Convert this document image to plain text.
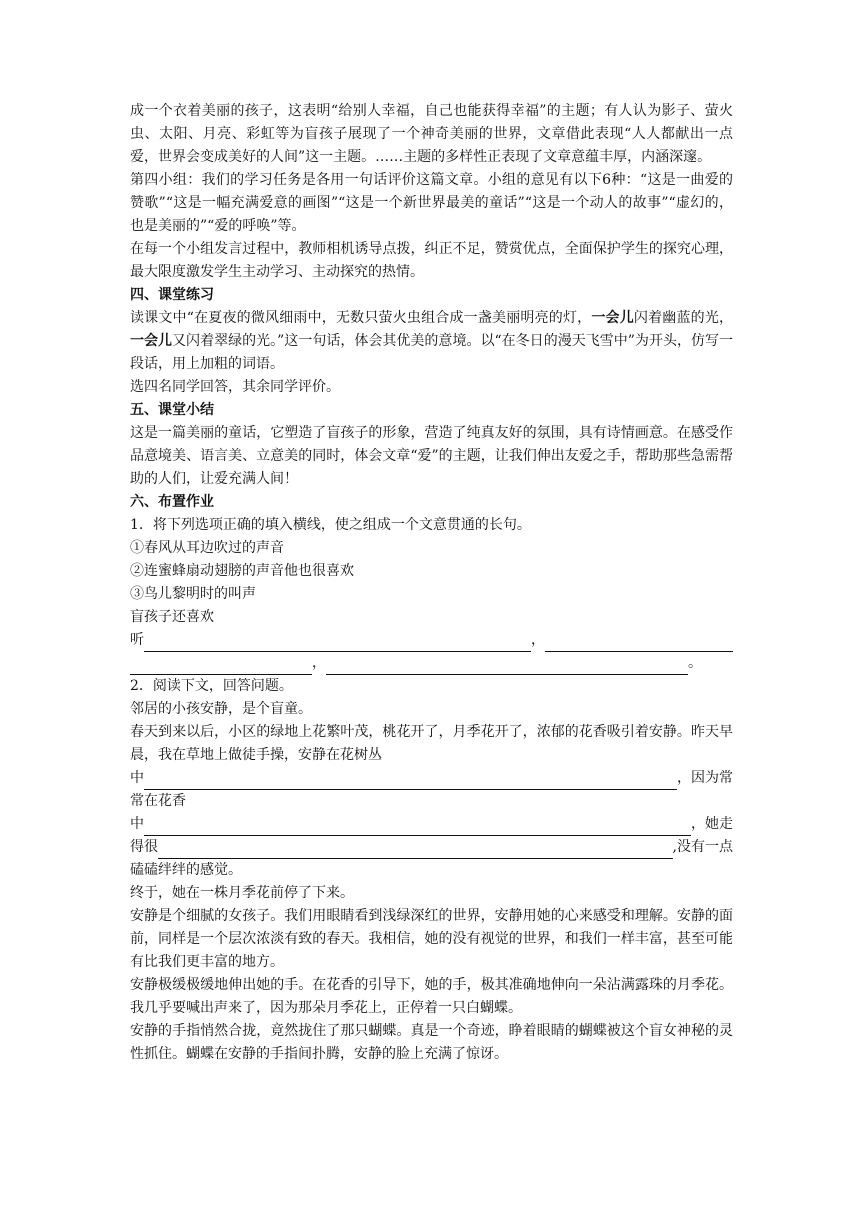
成一个衣着美丽的孩子，这表明“给别人幸福，自己也能获得幸福”的主题；有人认为影子、萤火虫、太阳、月亮、彩虹等为盲孩子展现了一个神奇美丽的世界，文章借此表现“人人都献出一点爱，世界会变成美好的人间”这一主题。……主题的多样性正表现了文章意蕴丰厚，内涵深邃。

第四小组：我们的学习任务是各用一句话评价这篇文章。小组的意见有以下6种：“这是一曲爱的赞歌”“这是一幅充满爱意的画图”“这是一个新世界最美的童话”“这是一个动人的故事”“虚幻的，也是美丽的”“爱的呼唤”等。

在每一个小组发言过程中，教师相机诱导点拨，纠正不足，赞赏优点，全面保护学生的探究心理，最大限度激发学生主动学习、主动探究的热情。

四、课堂练习

读课文中“在夏夜的微风细雨中，无数只萤火虫组合成一盏美丽明亮的灯，一会儿闪着幽蓝的光，一会儿又闪着翠绿的光。”这一句话，体会其优美的意境。以“在冬日的漫天飞雪中”为开头，仿写一段话，用上加粗的词语。

选四名同学回答，其余同学评价。

五、课堂小结

这是一篇美丽的童话，它塑造了盲孩子的形象，营造了纯真友好的氛围，具有诗情画意。在感受作品意境美、语言美、立意美的同时，体会文章“爱”的主题，让我们伸出友爱之手，帮助那些急需帮助的人们，让爱充满人间！

六、布置作业

1．将下列选项正确的填入横线，使之组成一个文意贯通的长句。

①春风从耳边吹过的声音

②连蜜蜂扇动翅膀的声音他也很喜欢

③鸟儿黎明时的叫声

盲孩子还喜欢

听	，
，	。

2．阅读下文，回答问题。

邻居的小孩安静，是个盲童。

春天到来以后，小区的绿地上花繁叶茂，桃花开了，月季花开了，浓郁的花香吸引着安静。昨天早晨，我在草地上做徒手操，安静在花树丛

中	，因为常

常在花香

中	，她走
得很	,没有一点

磕磕绊绊的感觉。

终于，她在一株月季花前停了下来。

安静是个细腻的女孩子。我们用眼睛看到浅绿深红的世界，安静用她的心来感受和理解。安静的面前，同样是一个层次浓淡有致的春天。我相信，她的没有视觉的世界，和我们一样丰富，甚至可能有比我们更丰富的地方。

安静极缓极缓地伸出她的手。在花香的引导下，她的手，极其准确地伸向一朵沾满露珠的月季花。我几乎要喊出声来了，因为那朵月季花上，正停着一只白蝴蝶。

安静的手指悄然合拢，竟然拢住了那只蝴蝶。真是一个奇迹，睁着眼睛的蝴蝶被这个盲女神秘的灵性抓住。蝴蝶在安静的手指间扑腾，安静的脸上充满了惊讶。
